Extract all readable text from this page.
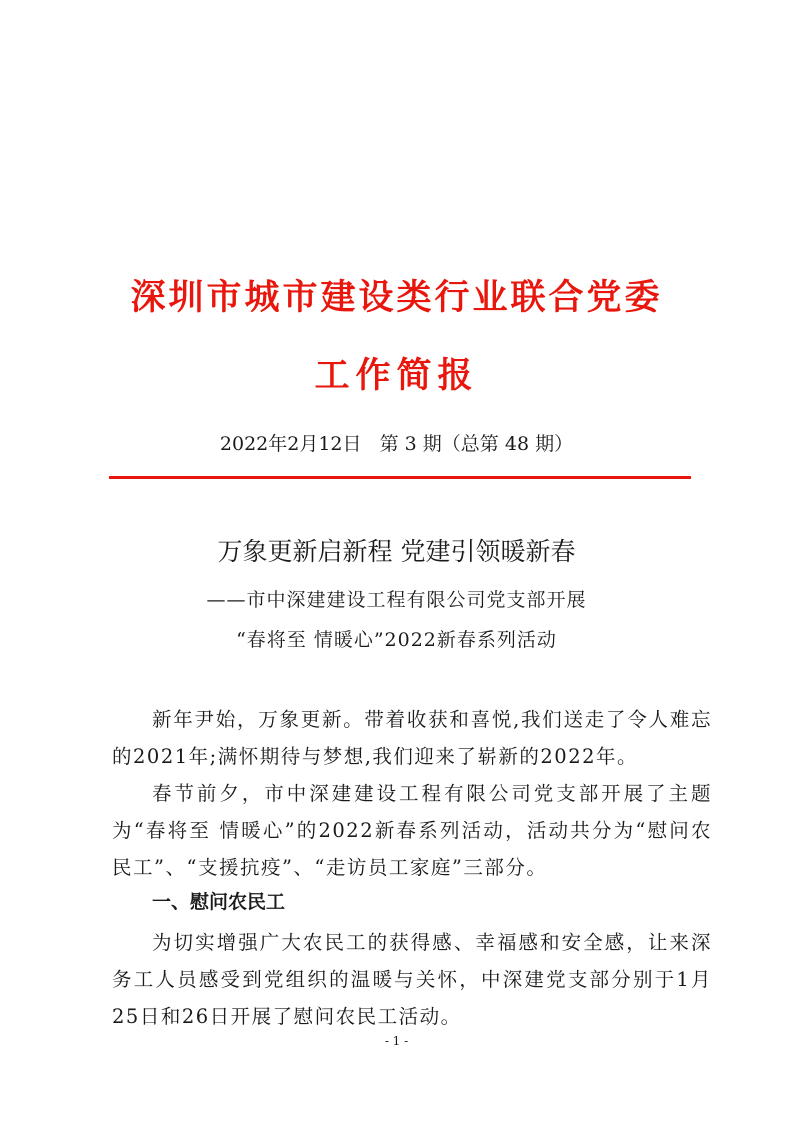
深圳市城市建设类行业联合党委
工作简报
2022年2月12日   第 3 期（总第 48 期）
万象更新启新程 党建引领暖新春
——市中深建建设工程有限公司党支部开展
“春将至 情暖心”2022新春系列活动

新年尹始，万象更新。带着收获和喜悦,我们送走了令人难忘的2021年;满怀期待与梦想,我们迎来了崭新的2022年。

春节前夕，市中深建建设工程有限公司党支部开展了主题为“春将至 情暖心”的2022新春系列活动，活动共分为“慰问农民工”、“支援抗疫”、“走访员工家庭”三部分。

一、慰问农民工

为切实增强广大农民工的获得感、幸福感和安全感，让来深务工人员感受到党组织的温暖与关怀，中深建党支部分别于1月25日和26日开展了慰问农民工活动。

- 1 -
